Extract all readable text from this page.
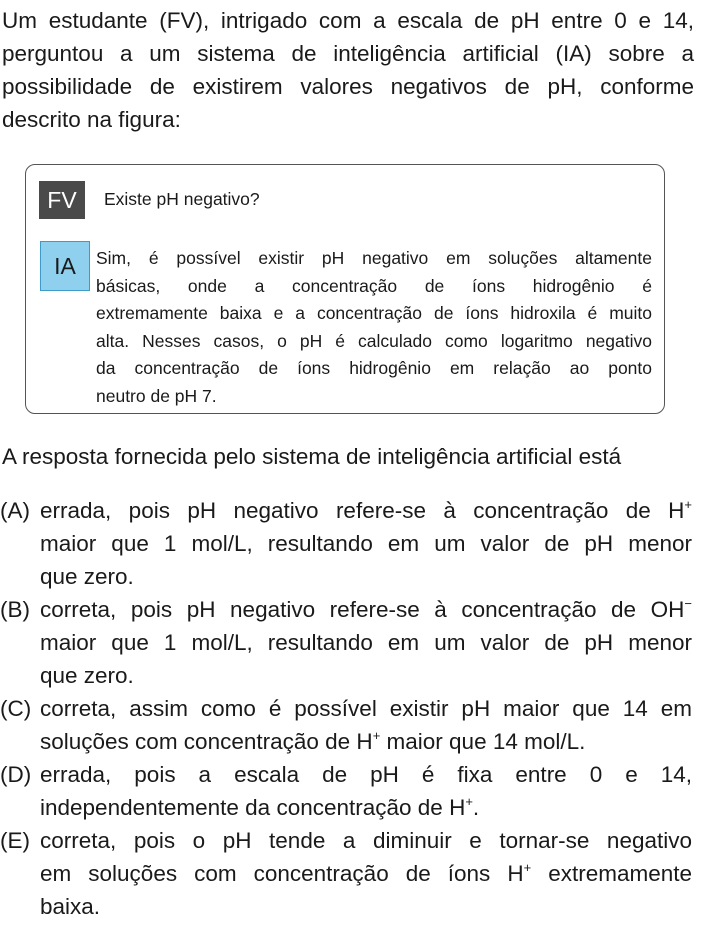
Um estudante (FV), intrigado com a escala de pH entre 0 e 14,
perguntou a um sistema de inteligência artificial (IA) sobre a
possibilidade de existirem valores negativos de pH, conforme
descrito na figura:
FV	Existe pH negativo?
IA	Sim, é possível existir pH negativo em soluções altamente
básicas, onde a concentração de íons hidrogênio é
extremamente baixa e a concentração de íons hidroxila é muito
alta. Nesses casos, o pH é calculado como logaritmo negativo
da concentração de íons hidrogênio em relação ao ponto
neutro de pH 7.
A resposta fornecida pelo sistema de inteligência artificial está
(A) errada, pois pH negativo refere-se à concentração de H+
maior que 1 mol/L, resultando em um valor de pH menor
que zero.
(B) correta, pois pH negativo refere-se à concentração de OH−
maior que 1 mol/L, resultando em um valor de pH menor
que zero.
(C) correta, assim como é possível existir pH maior que 14 em
soluções com concentração de H+ maior que 14 mol/L.
(D) errada, pois a escala de pH é fixa entre 0 e 14,
independentemente da concentração de H+.
(E) correta, pois o pH tende a diminuir e tornar-se negativo
em soluções com concentração de íons H+ extremamente
baixa.
